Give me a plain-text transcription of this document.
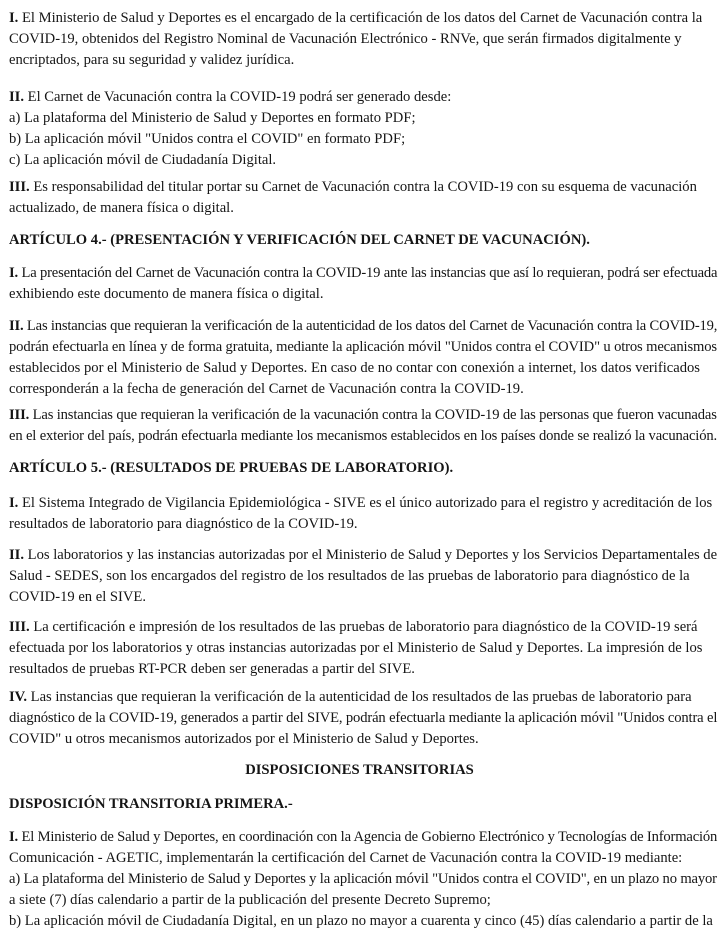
I. El Ministerio de Salud y Deportes es el encargado de la certificación de los datos del Carnet de Vacunación contra la

COVID-19, obtenidos del Registro Nominal de Vacunación Electrónico - RNVe, que serán firmados digitalmente y

encriptados, para su seguridad y validez jurídica.

II. El Carnet de Vacunación contra la COVID-19 podrá ser generado desde:

a) La plataforma del Ministerio de Salud y Deportes en formato PDF;

b) La aplicación móvil "Unidos contra el COVID" en formato PDF;

c) La aplicación móvil de Ciudadanía Digital.

III. Es responsabilidad del titular portar su Carnet de Vacunación contra la COVID-19 con su esquema de vacunación

actualizado, de manera física o digital.

ARTÍCULO 4.- (PRESENTACIÓN Y VERIFICACIÓN DEL CARNET DE VACUNACIÓN).

I. La presentación del Carnet de Vacunación contra la COVID-19 ante las instancias que así lo requieran, podrá ser efectuada

exhibiendo este documento de manera física o digital.

II. Las instancias que requieran la verificación de la autenticidad de los datos del Carnet de Vacunación contra la COVID-19,

podrán efectuarla en línea y de forma gratuita, mediante la aplicación móvil "Unidos contra el COVID" u otros mecanismos

establecidos por el Ministerio de Salud y Deportes. En caso de no contar con conexión a internet, los datos verificados

corresponderán a la fecha de generación del Carnet de Vacunación contra la COVID-19.

III. Las instancias que requieran la verificación de la vacunación contra la COVID-19 de las personas que fueron vacunadas

en el exterior del país, podrán efectuarla mediante los mecanismos establecidos en los países donde se realizó la vacunación.

ARTÍCULO 5.- (RESULTADOS DE PRUEBAS DE LABORATORIO).

I. El Sistema Integrado de Vigilancia Epidemiológica - SIVE es el único autorizado para el registro y acreditación de los

resultados de laboratorio para diagnóstico de la COVID-19.

II. Los laboratorios y las instancias autorizadas por el Ministerio de Salud y Deportes y los Servicios Departamentales de

Salud - SEDES, son los encargados del registro de los resultados de las pruebas de laboratorio para diagnóstico de la

COVID-19 en el SIVE.

III. La certificación e impresión de los resultados de las pruebas de laboratorio para diagnóstico de la COVID-19 será

efectuada por los laboratorios y otras instancias autorizadas por el Ministerio de Salud y Deportes. La impresión de los

resultados de pruebas RT-PCR deben ser generadas a partir del SIVE.

IV. Las instancias que requieran la verificación de la autenticidad de los resultados de las pruebas de laboratorio para

diagnóstico de la COVID-19, generados a partir del SIVE, podrán efectuarla mediante la aplicación móvil "Unidos contra el

COVID" u otros mecanismos autorizados por el Ministerio de Salud y Deportes.

DISPOSICIONES TRANSITORIAS
DISPOSICIÓN TRANSITORIA PRIMERA.-

I. El Ministerio de Salud y Deportes, en coordinación con la Agencia de Gobierno Electrónico y Tecnologías de Información

Comunicación - AGETIC, implementarán la certificación del Carnet de Vacunación contra la COVID-19 mediante:

a) La plataforma del Ministerio de Salud y Deportes y la aplicación móvil "Unidos contra el COVID", en un plazo no mayor

a siete (7) días calendario a partir de la publicación del presente Decreto Supremo;

b) La aplicación móvil de Ciudadanía Digital, en un plazo no mayor a cuarenta y cinco (45) días calendario a partir de la
